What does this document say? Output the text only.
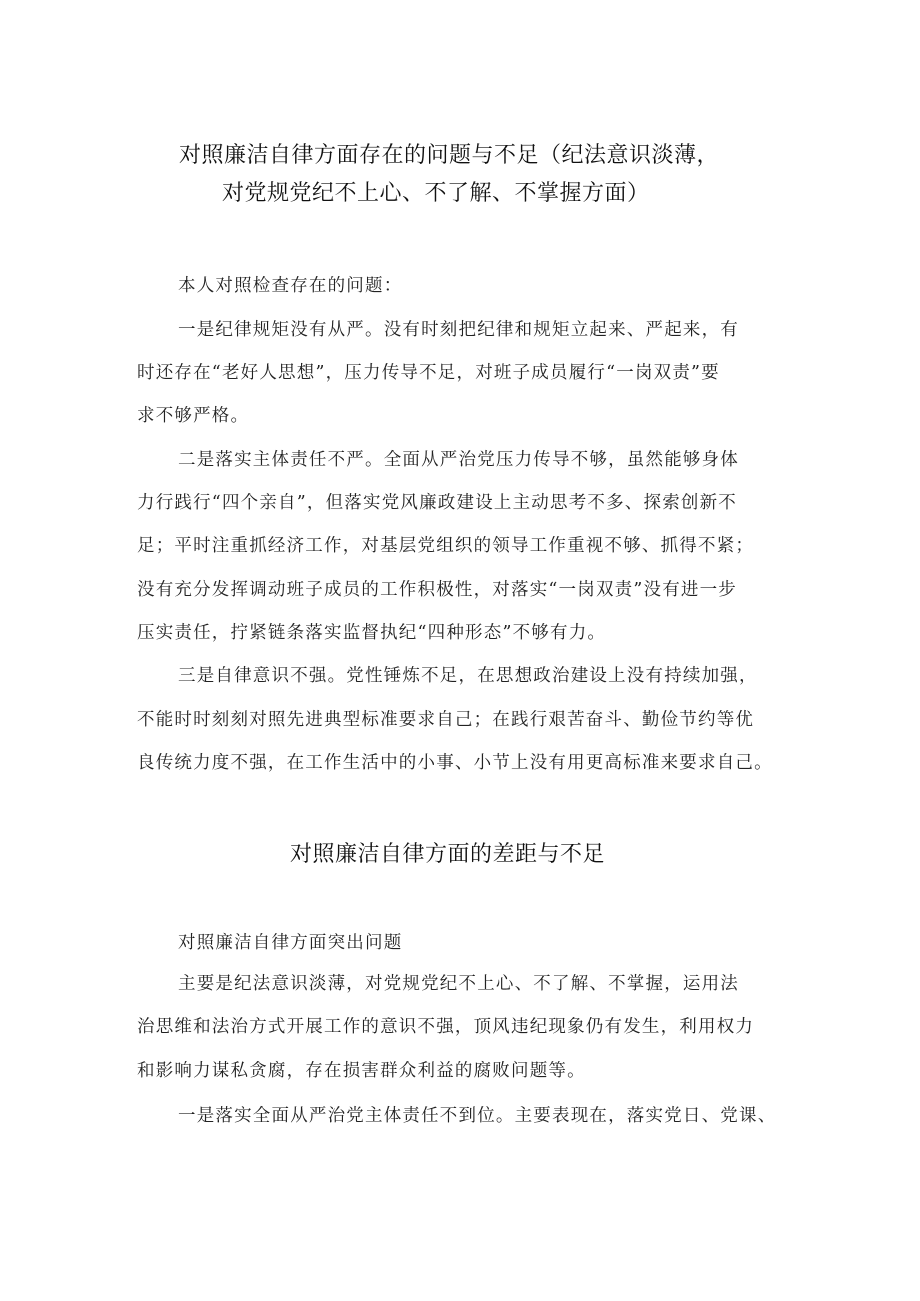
对照廉洁自律方面存在的问题与不足（纪法意识淡薄，
对党规党纪不上心、不了解、不掌握方面）
本人对照检查存在的问题：
一是纪律规矩没有从严。没有时刻把纪律和规矩立起来、严起来，有
时还存在“老好人思想”，压力传导不足，对班子成员履行“一岗双责”要
求不够严格。
二是落实主体责任不严。全面从严治党压力传导不够，虽然能够身体
力行践行“四个亲自”，但落实党风廉政建设上主动思考不多、探索创新不
足；平时注重抓经济工作，对基层党组织的领导工作重视不够、抓得不紧；
没有充分发挥调动班子成员的工作积极性，对落实“一岗双责”没有进一步
压实责任，拧紧链条落实监督执纪“四种形态”不够有力。
三是自律意识不强。党性锤炼不足，在思想政治建设上没有持续加强，
不能时时刻刻对照先进典型标准要求自己；在践行艰苦奋斗、勤俭节约等优
良传统力度不强，在工作生活中的小事、小节上没有用更高标准来要求自己。
对照廉洁自律方面的差距与不足
对照廉洁自律方面突出问题
主要是纪法意识淡薄，对党规党纪不上心、不了解、不掌握，运用法
治思维和法治方式开展工作的意识不强，顶风违纪现象仍有发生，利用权力
和影响力谋私贪腐，存在损害群众利益的腐败问题等。
一是落实全面从严治党主体责任不到位。主要表现在，落实党日、党课、
